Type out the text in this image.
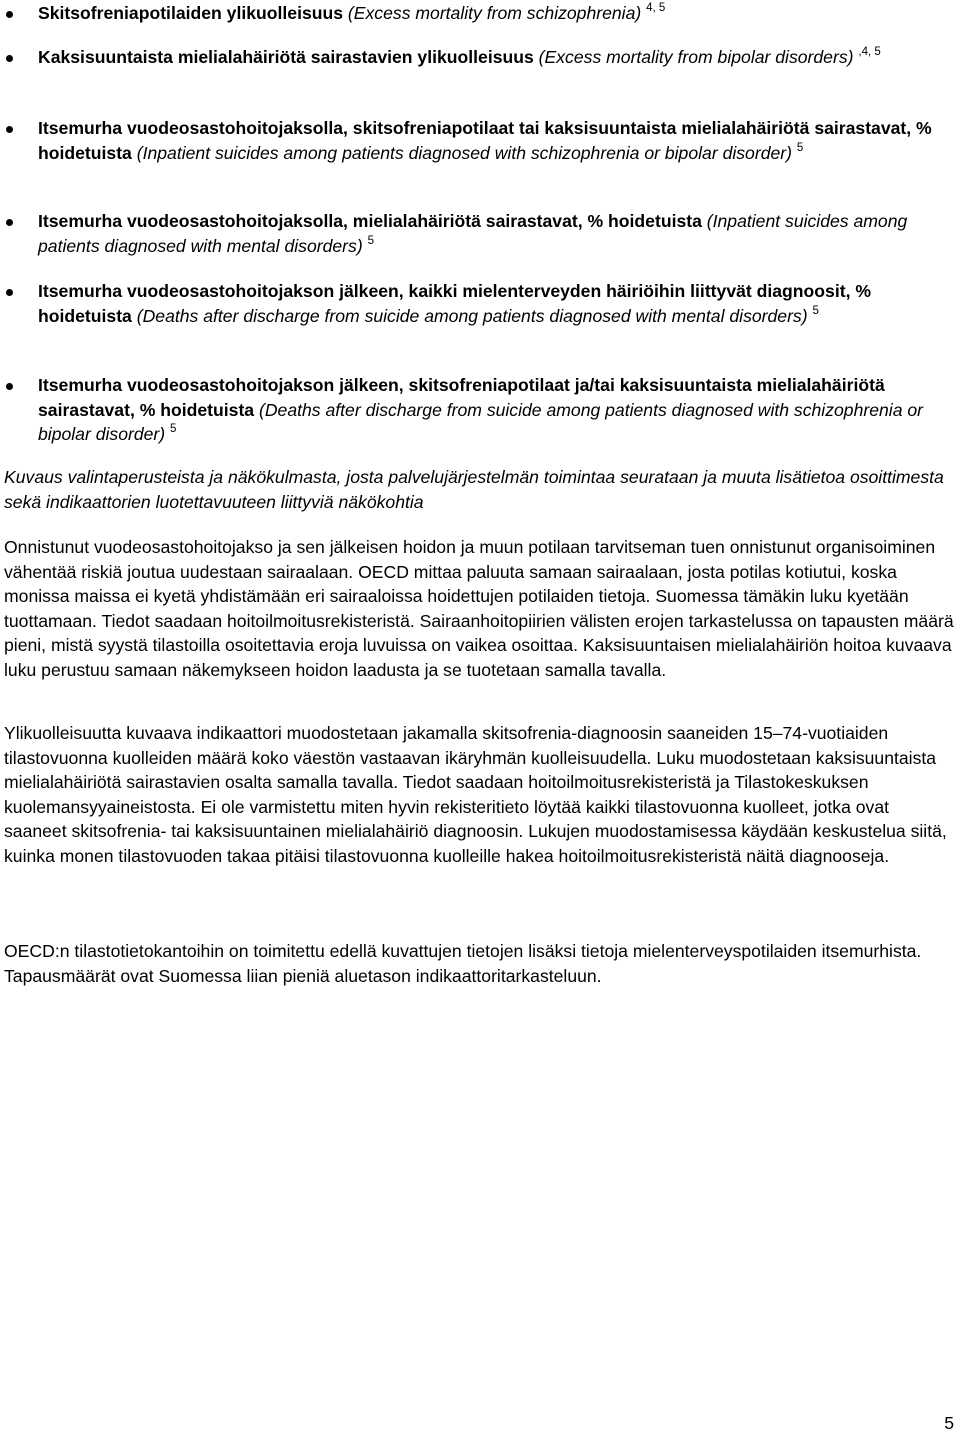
Skitsofreniapotilaiden ylikuolleisuus (Excess mortality from schizophrenia) $^{4, 5}$
Kaksisuuntaista mielialahäiriötä sairastavien ylikuolleisuus (Excess mortality from bipolar disorders) $^{,4, 5}$
Itsemurha vuodeosastohoitojaksolla, skitsofreniapotilaat tai kaksisuuntaista mielialahäiriötä sairastavat, % hoidetuista (Inpatient suicides among patients diagnosed with schizophrenia or bipolar disorder) $^5$
Itsemurha vuodeosastohoitojaksolla, mielialahäiriötä sairastavat, % hoidetuista (Inpatient suicides among patients diagnosed with mental disorders) $^5$
Itsemurha vuodeosastohoitojakson jälkeen, kaikki mielenterveyden häiriöihin liittyvät diagnoosit, % hoidetuista (Deaths after discharge from suicide among patients diagnosed with mental disorders) $^5$
Itsemurha vuodeosastohoitojakson jälkeen, skitsofreniapotilaat ja/tai kaksisuuntaista mielialahäiriötä sairastavat, % hoidetuista (Deaths after discharge from suicide among patients diagnosed with schizophrenia or bipolar disorder) $^5$

Kuvaus valintaperusteista ja näkökulmasta, josta palvelujärjestelmän toimintaa seurataan ja muuta lisätietoa osoittimesta sekä indikaattorien luotettavuuteen liittyviä näkökohtia

Onnistunut vuodeosastohoitojakso ja sen jälkeisen hoidon ja muun potilaan tarvitseman tuen onnistunut organisoiminen vähentää riskiä joutua uudestaan sairaalaan. OECD mittaa paluuta samaan sairaalaan, josta potilas kotiutui, koska monissa maissa ei kyetä yhdistämään eri sairaaloissa hoidettujen potilaiden tietoja. Suomessa tämäkin luku kyetään tuottamaan. Tiedot saadaan hoitoilmoitusrekisteristä. Sairaanhoitopiirien välisten erojen tarkastelussa on tapausten määrä pieni, mistä syystä tilastoilla osoitettavia eroja luvuissa on vaikea osoittaa. Kaksisuuntaisen mielialahäiriön hoitoa kuvaava luku perustuu samaan näkemykseen hoidon laadusta ja se tuotetaan samalla tavalla.

Ylikuolleisuutta kuvaava indikaattori muodostetaan jakamalla skitsofrenia-diagnoosin saaneiden 15–74-vuotiaiden tilastovuonna kuolleiden määrä koko väestön vastaavan ikäryhmän kuolleisuudella. Luku muodostetaan kaksisuuntaista mielialahäiriötä sairastavien osalta samalla tavalla. Tiedot saadaan hoitoilmoitusrekisteristä ja Tilastokeskuksen kuolemansyyaineistosta. Ei ole varmistettu miten hyvin rekisteritieto löytää kaikki tilastovuonna kuolleet, jotka ovat saaneet skitsofrenia- tai kaksisuuntainen mielialahäiriö diagnoosin. Lukujen muodostamisessa käydään keskustelua siitä, kuinka monen tilastovuoden takaa pitäisi tilastovuonna kuolleille hakea hoitoilmoitusrekisteristä näitä diagnooseja.

OECD:n tilastotietokantoihin on toimitettu edellä kuvattujen tietojen lisäksi tietoja mielenterveyspotilaiden itsemurhista. Tapausmäärät ovat Suomessa liian pieniä aluetason indikaattoritarkasteluun.

5
